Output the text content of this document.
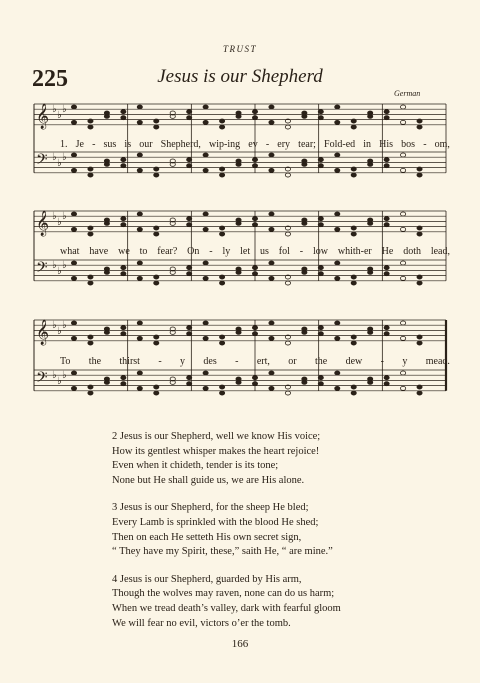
TRUST
225	Jesus is our Shepherd
German
𝄞 ♭
♭
♭
𝄢 ♭
♭
♭
𝄞 ♭
♭
♭
𝄢 ♭
♭
♭
𝄞 ♭
♭
♭
𝄢 ♭
♭
♭
1. Je - sus is our Shepherd, wip-ing ev - ery tear; Fold-ed in His bos - om,
what have we to fear? On - ly let us fol - low whith-er He doth lead,
To the thirst - y des - ert, or the dew - y mead.
2 Jesus is our Shepherd, well we know His voice;
How its gentlest whisper makes the heart rejoice!
Even when it chideth, tender is its tone;
None but He shall guide us, we are His alone.
3 Jesus is our Shepherd, for the sheep He bled;
Every Lamb is sprinkled with the blood He shed;
Then on each He setteth His own secret sign,
“ They have my Spirit, these,” saith He, “ are mine.”
4 Jesus is our Shepherd, guarded by His arm,
Though the wolves may raven, none can do us harm;
When we tread death’s valley, dark with fearful gloom
We will fear no evil, victors o’er the tomb.
166
